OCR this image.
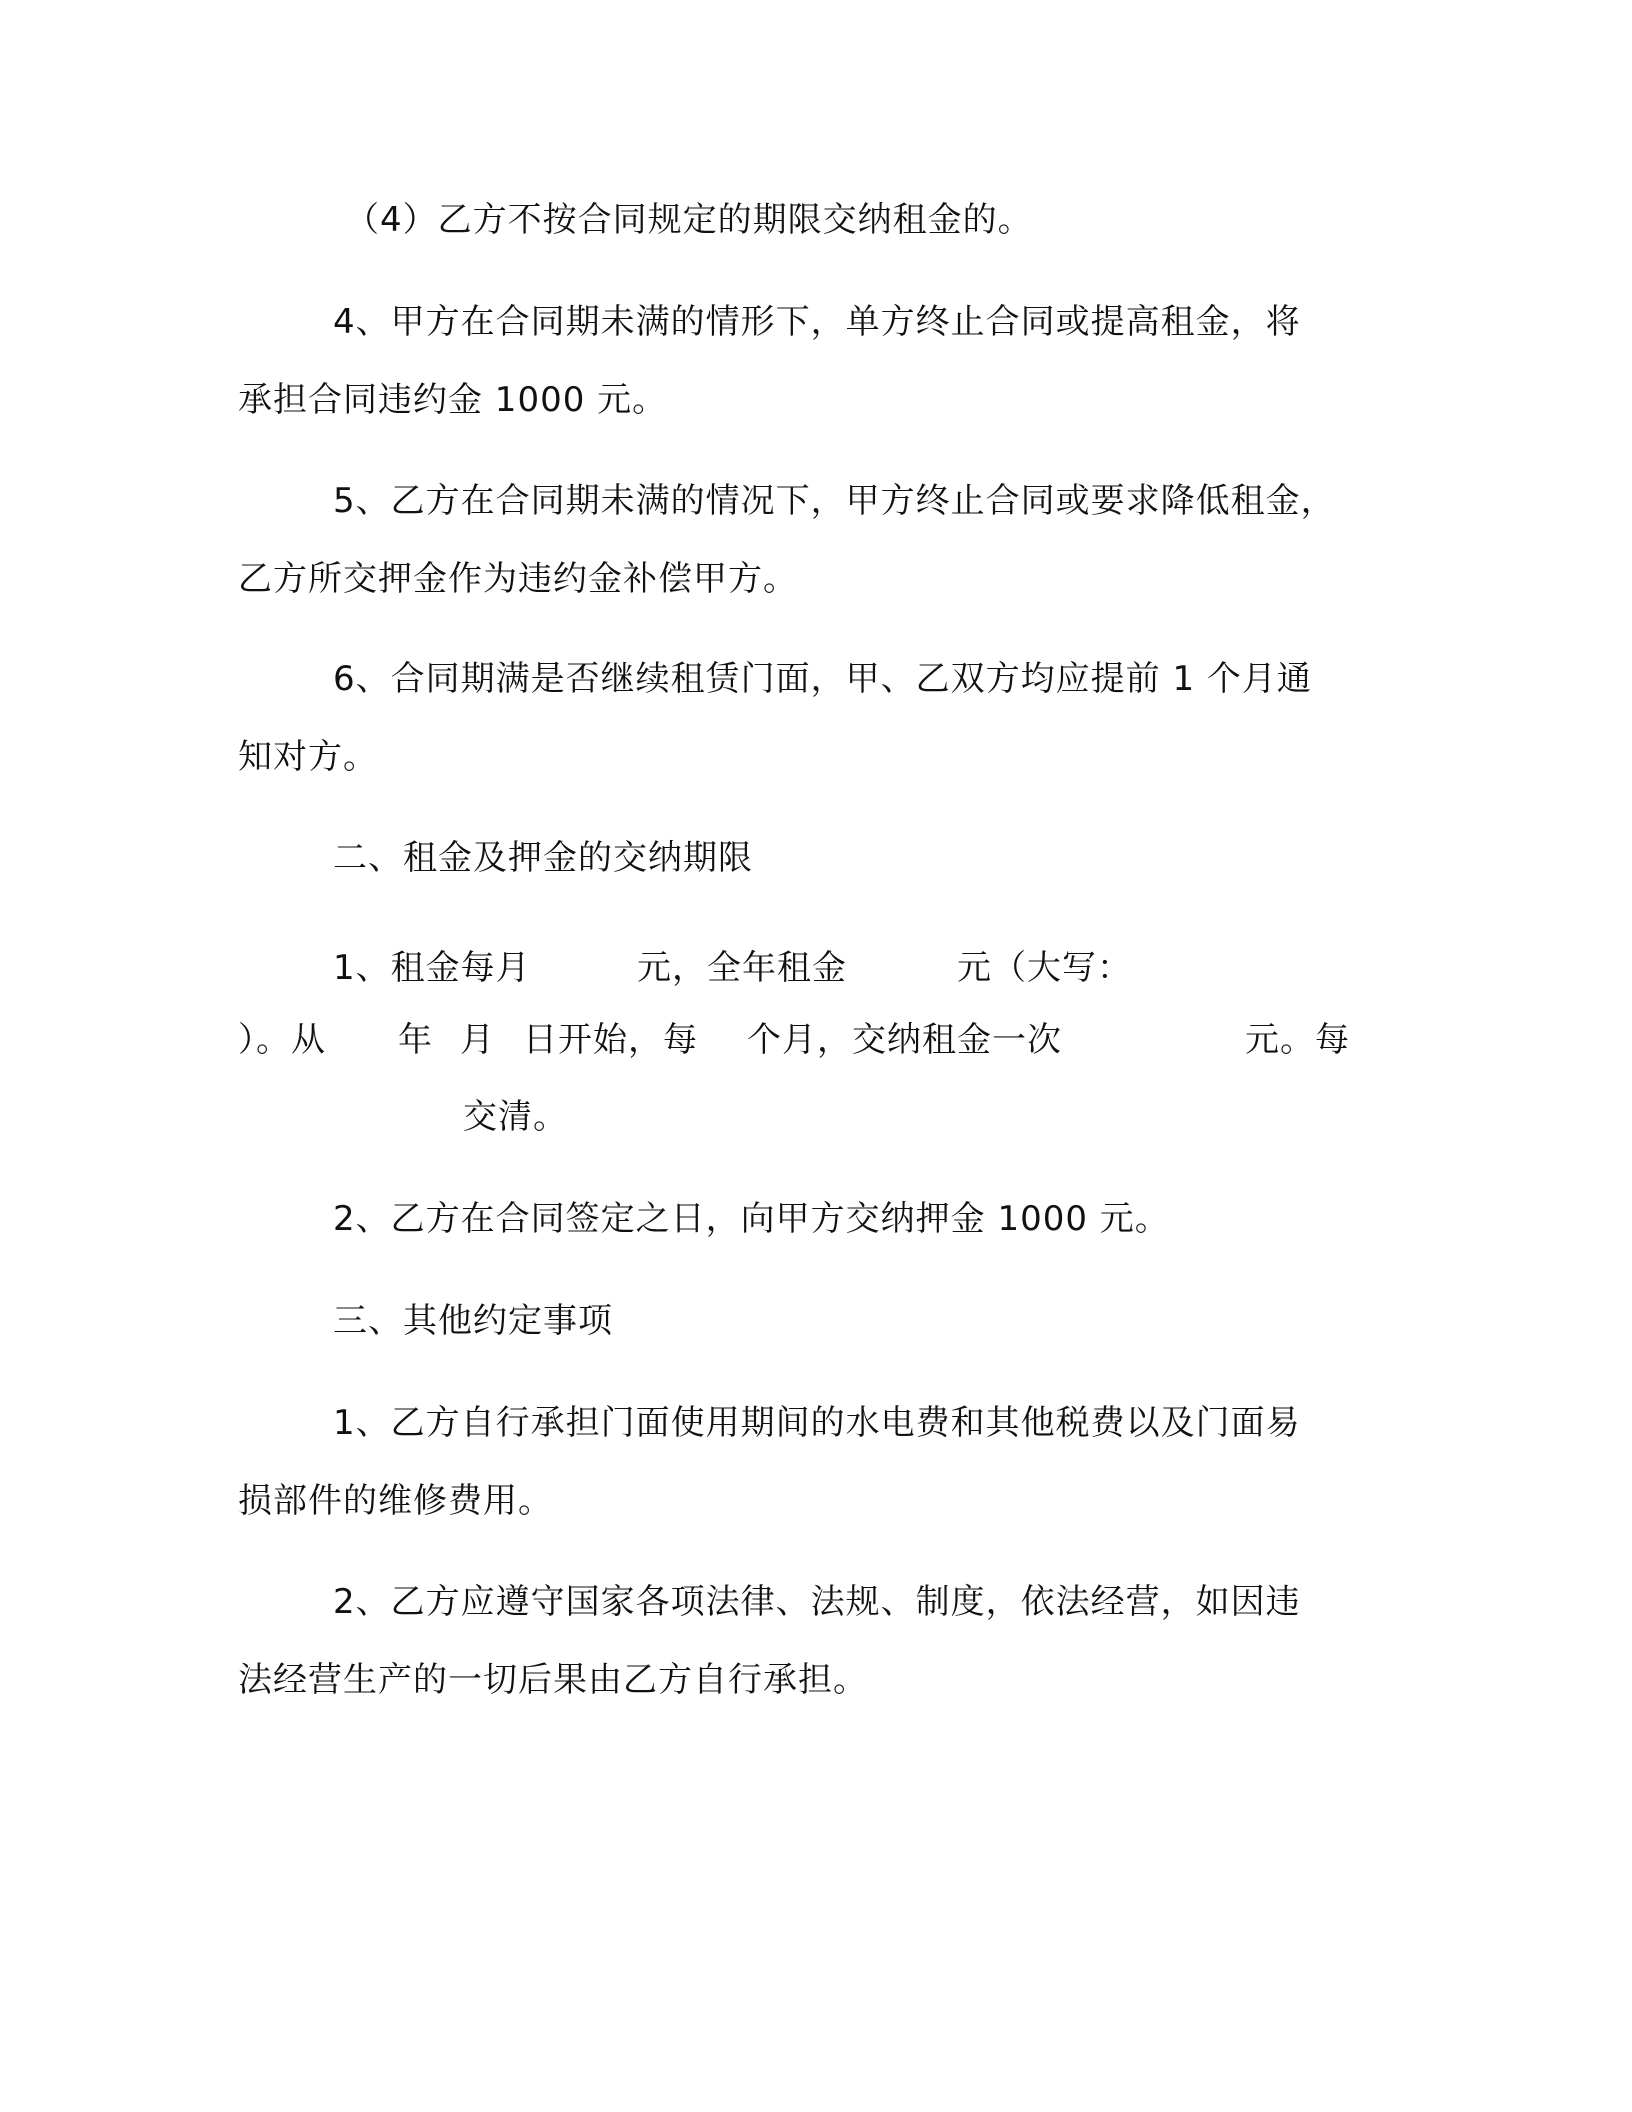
（4）乙方不按合同规定的期限交纳租金的。
4、甲方在合同期未满的情形下，单方终止合同或提高租金，将
承担合同违约金 1000 元。
5、乙方在合同期未满的情况下，甲方终止合同或要求降低租金，
乙方所交押金作为违约金补偿甲方。
6、合同期满是否继续租赁门面，甲、乙双方均应提前 1 个月通
知对方。
二、租金及押金的交纳期限
1、租金每月	元，全年租金	元（大写：
）。从 年 月 日开始，每 个月，交纳租金一次	元。每
交清。
2、乙方在合同签定之日，向甲方交纳押金 1000 元。
三、其他约定事项
1、乙方自行承担门面使用期间的水电费和其他税费以及门面易
损部件的维修费用。
2、乙方应遵守国家各项法律、法规、制度，依法经营，如因违
法经营生产的一切后果由乙方自行承担。
